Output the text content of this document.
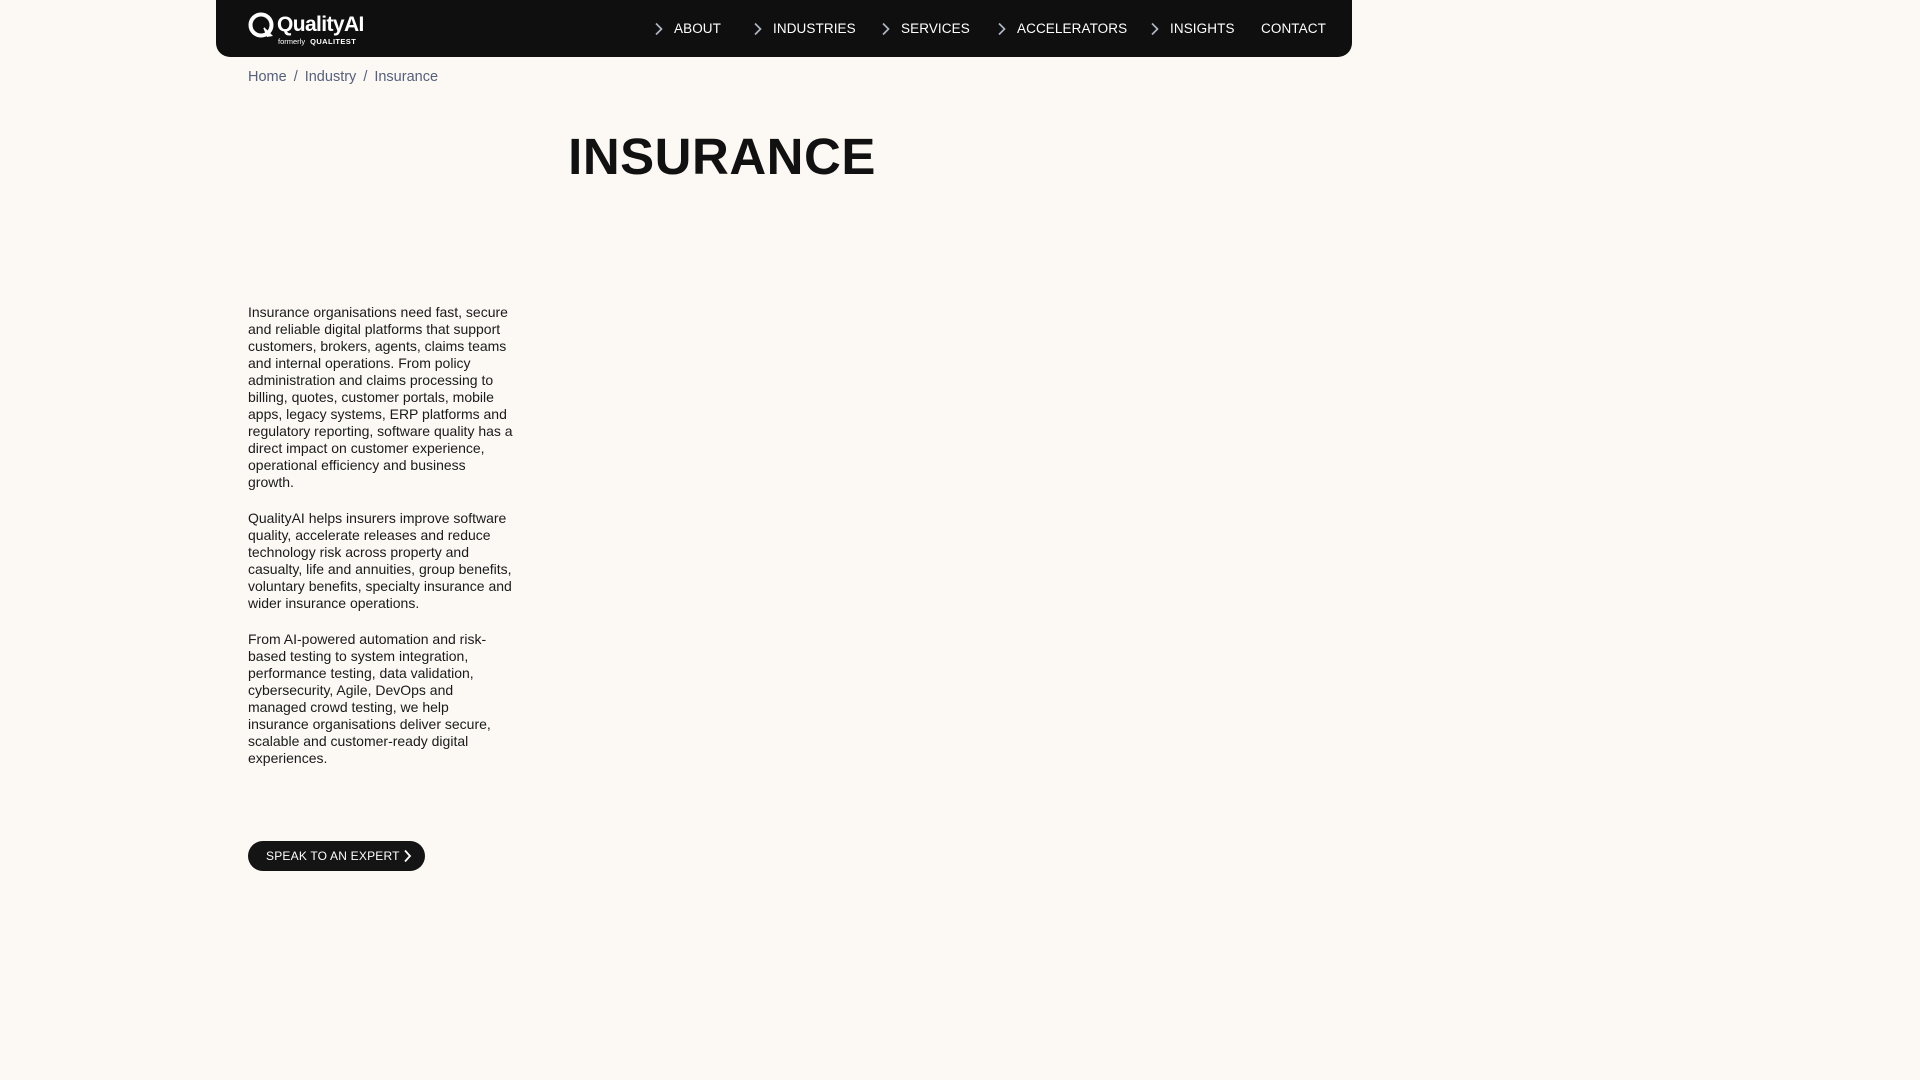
QualityAI
formerly QUALITEST
ABOUT	INDUSTRIES	SERVICES	ACCELERATORS	INSIGHTS CONTACT
Home / Industry / Insurance
INSURANCE

Insurance organisations need fast, secure and reliable digital platforms that support customers, brokers, agents, claims teams and internal operations. From policy administration and claims processing to billing, quotes, customer portals, mobile apps, legacy systems, ERP platforms and regulatory reporting, software quality has a direct impact on customer experience, operational efficiency and business growth.

QualityAI helps insurers improve software quality, accelerate releases and reduce technology risk across property and casualty, life and annuities, group benefits, voluntary benefits, specialty insurance and wider insurance operations.

From AI-powered automation and risk-based testing to system integration, performance testing, data validation, cybersecurity, Agile, DevOps and managed crowd testing, we help insurance organisations deliver secure, scalable and customer-ready digital experiences.

SPEAK TO AN EXPERT
